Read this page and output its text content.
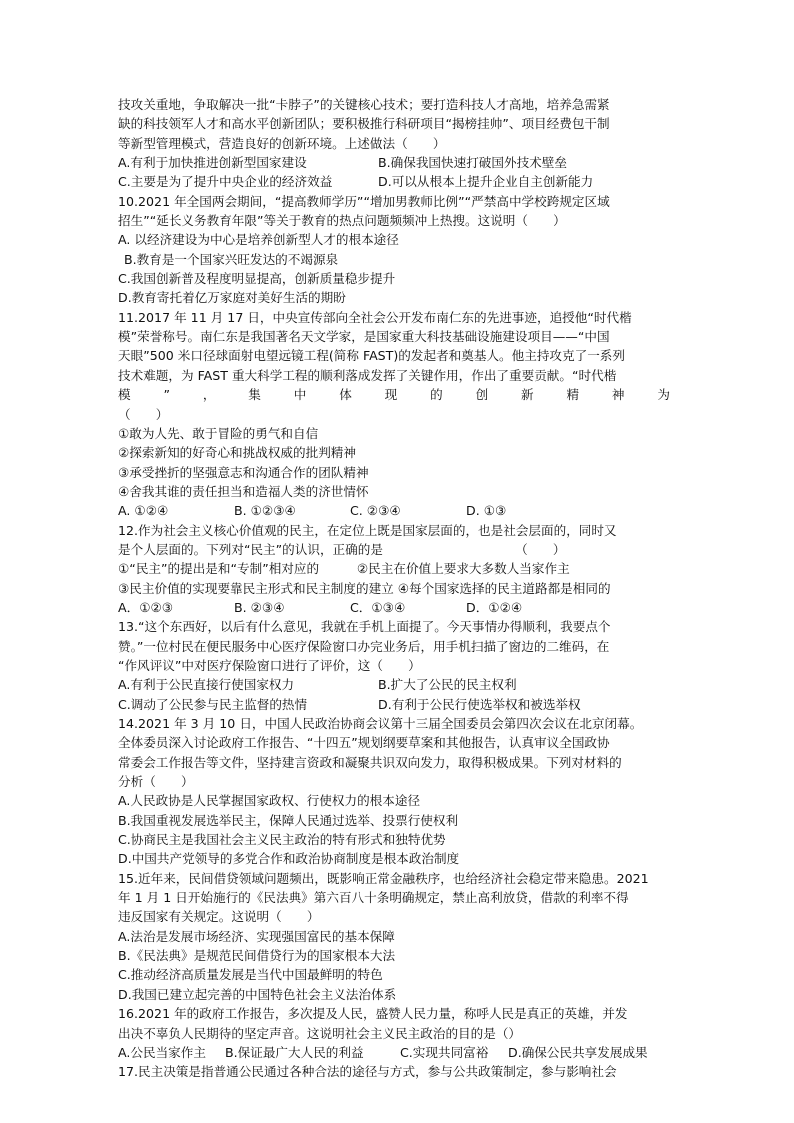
技攻关重地，争取解决一批“卡脖子”的关键核心技术；要打造科技人才高地，培养急需紧
缺的科技领军人才和高水平创新团队；要积极推行科研项目“揭榜挂帅”、项目经费包干制
等新型管理模式，营造良好的创新环境。上述做法（　　）
A.有利于加快推进创新型国家建设	B.确保我国快速打破国外技术壁垒
C.主要是为了提升中央企业的经济效益	D.可以从根本上提升企业自主创新能力
10.2021 年全国两会期间，“提高教师学历”“增加男教师比例”“严禁高中学校跨规定区域
招生”“延长义务教育年限”等关于教育的热点问题频频冲上热搜。这说明（　　）
A. 以经济建设为中心是培养创新型人才的根本途径
B.教育是一个国家兴旺发达的不竭源泉
C.我国创新普及程度明显提高，创新质量稳步提升
D.教育寄托着亿万家庭对美好生活的期盼
11.2017 年 11 月 17 日，中央宣传部向全社会公开发布南仁东的先进事迹，追授他“时代楷
模”荣誉称号。南仁东是我国著名天文学家，是国家重大科技基础设施建设项目——“中国
天眼”500 米口径球面射电望远镜工程(简称 FAST)的发起者和奠基人。他主持攻克了一系列
技术难题，为 FAST 重大科学工程的顺利落成发挥了关键作用，作出了重要贡献。“时代楷
模	”	，	集	中	体	现	的	创	新	精	神	为
（　　）
①敢为人先、敢于冒险的勇气和自信
②探索新知的好奇心和挑战权威的批判精神
③承受挫折的坚强意志和沟通合作的团队精神
④舍我其谁的责任担当和造福人类的济世情怀
A. ①②④	B. ①②③④	C. ②③④	D. ①③
12.作为社会主义核心价值观的民主，在定位上既是国家层面的，也是社会层面的，同时又
是个人层面的。下列对“民主”的认识，正确的是　　　　　　　　　　　（　　）
①“民主”的提出是和“专制”相对应的　　　②民主在价值上要求大多数人当家作主
③民主价值的实现要靠民主形式和民主制度的建立 ④每个国家选择的民主道路都是相同的
A．①②③	B. ②③④	C．①③④	D．①②④
13.“这个东西好，以后有什么意见，我就在手机上面提了。今天事情办得顺利，我要点个
赞。”一位村民在便民服务中心医疗保险窗口办完业务后，用手机扫描了窗边的二维码，在
“作风评议”中对医疗保险窗口进行了评价，这（　　）
A.有利于公民直接行使国家权力	B.扩大了公民的民主权利
C.调动了公民参与民主监督的热情	D.有利于公民行使选举权和被选举权
14.2021 年 3 月 10 日，中国人民政治协商会议第十三届全国委员会第四次会议在北京闭幕。
全体委员深入讨论政府工作报告、“十四五”规划纲要草案和其他报告，认真审议全国政协
常委会工作报告等文件，坚持建言资政和凝聚共识双向发力，取得积极成果。下列对材料的
分析（　　）
A.人民政协是人民掌握国家政权、行使权力的根本途径
B.我国重视发展选举民主，保障人民通过选举、投票行使权利
C.协商民主是我国社会主义民主政治的特有形式和独特优势
D.中国共产党领导的多党合作和政治协商制度是根本政治制度
15.近年来，民间借贷领域问题频出，既影响正常金融秩序，也给经济社会稳定带来隐患。2021
年 1 月 1 日开始施行的《民法典》第六百八十条明确规定，禁止高利放贷，借款的利率不得
违反国家有关规定。这说明（　　）
A.法治是发展市场经济、实现强国富民的基本保障
B.《民法典》是规范民间借贷行为的国家根本大法
C.推动经济高质量发展是当代中国最鲜明的特色
D.我国已建立起完善的中国特色社会主义法治体系
16.2021 年的政府工作报告，多次提及人民，盛赞人民力量，称呼人民是真正的英雄，并发
出决不辜负人民期待的坚定声音。这说明社会主义民主政治的目的是（）
A.公民当家作主	B.保证最广大人民的利益	C.实现共同富裕	D.确保公民共享发展成果
17.民主决策是指普通公民通过各种合法的途径与方式，参与公共政策制定，参与影响社会
